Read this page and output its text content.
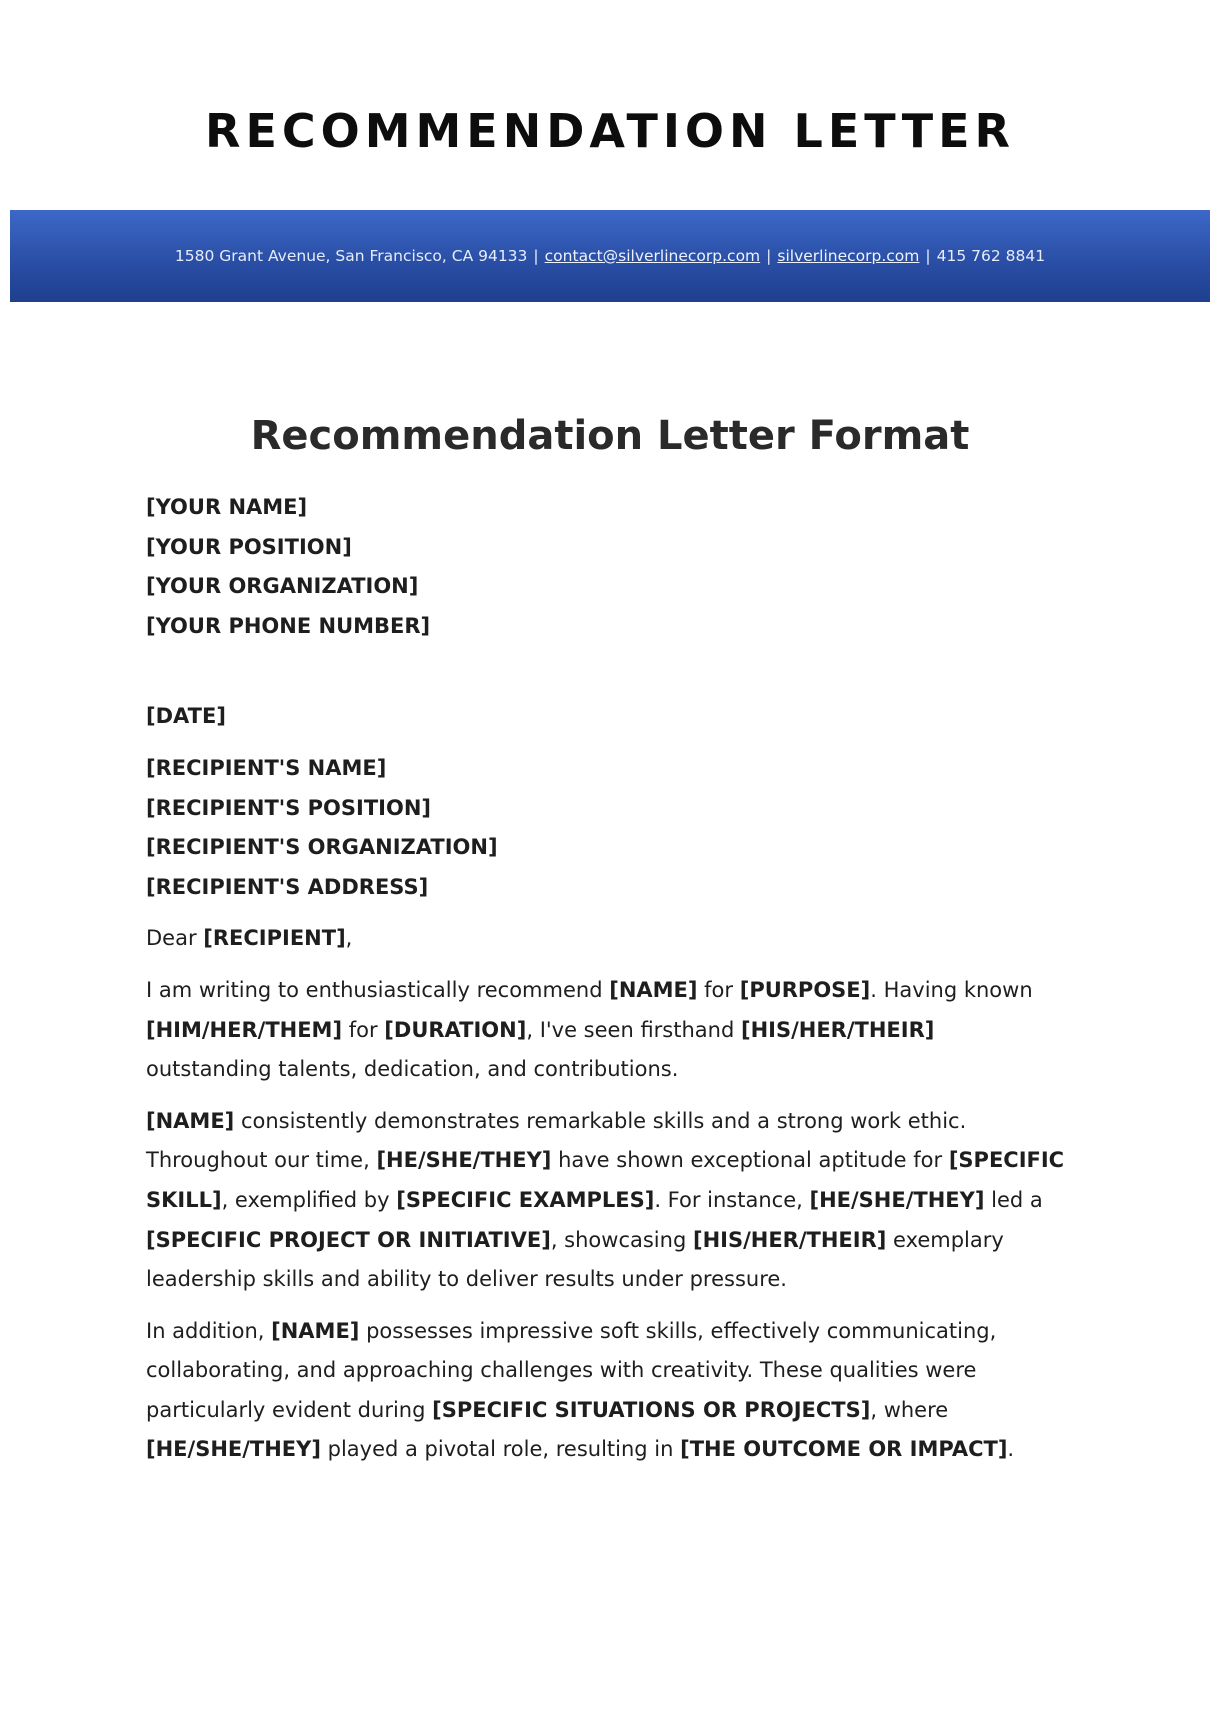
RECOMMENDATION LETTER
1580 Grant Avenue, San Francisco, CA 94133 | contact@silverlinecorp.com | silverlinecorp.com | 415 762 8841
Recommendation Letter Format
[YOUR NAME]
[YOUR POSITION]
[YOUR ORGANIZATION]
[YOUR PHONE NUMBER]
[DATE]
[RECIPIENT'S NAME]
[RECIPIENT'S POSITION]
[RECIPIENT'S ORGANIZATION]
[RECIPIENT'S ADDRESS]

Dear [RECIPIENT],

I am writing to enthusiastically recommend [NAME] for [PURPOSE]. Having known [HIM/HER/THEM] for [DURATION], I've seen firsthand [HIS/HER/THEIR] outstanding talents, dedication, and contributions.

[NAME] consistently demonstrates remarkable skills and a strong work ethic. Throughout our time, [HE/SHE/THEY] have shown exceptional aptitude for [SPECIFIC SKILL], exemplified by [SPECIFIC EXAMPLES]. For instance, [HE/SHE/THEY] led a [SPECIFIC PROJECT OR INITIATIVE], showcasing [HIS/HER/THEIR] exemplary leadership skills and ability to deliver results under pressure.

In addition, [NAME] possesses impressive soft skills, effectively communicating, collaborating, and approaching challenges with creativity. These qualities were particularly evident during [SPECIFIC SITUATIONS OR PROJECTS], where [HE/SHE/THEY] played a pivotal role, resulting in [THE OUTCOME OR IMPACT].
